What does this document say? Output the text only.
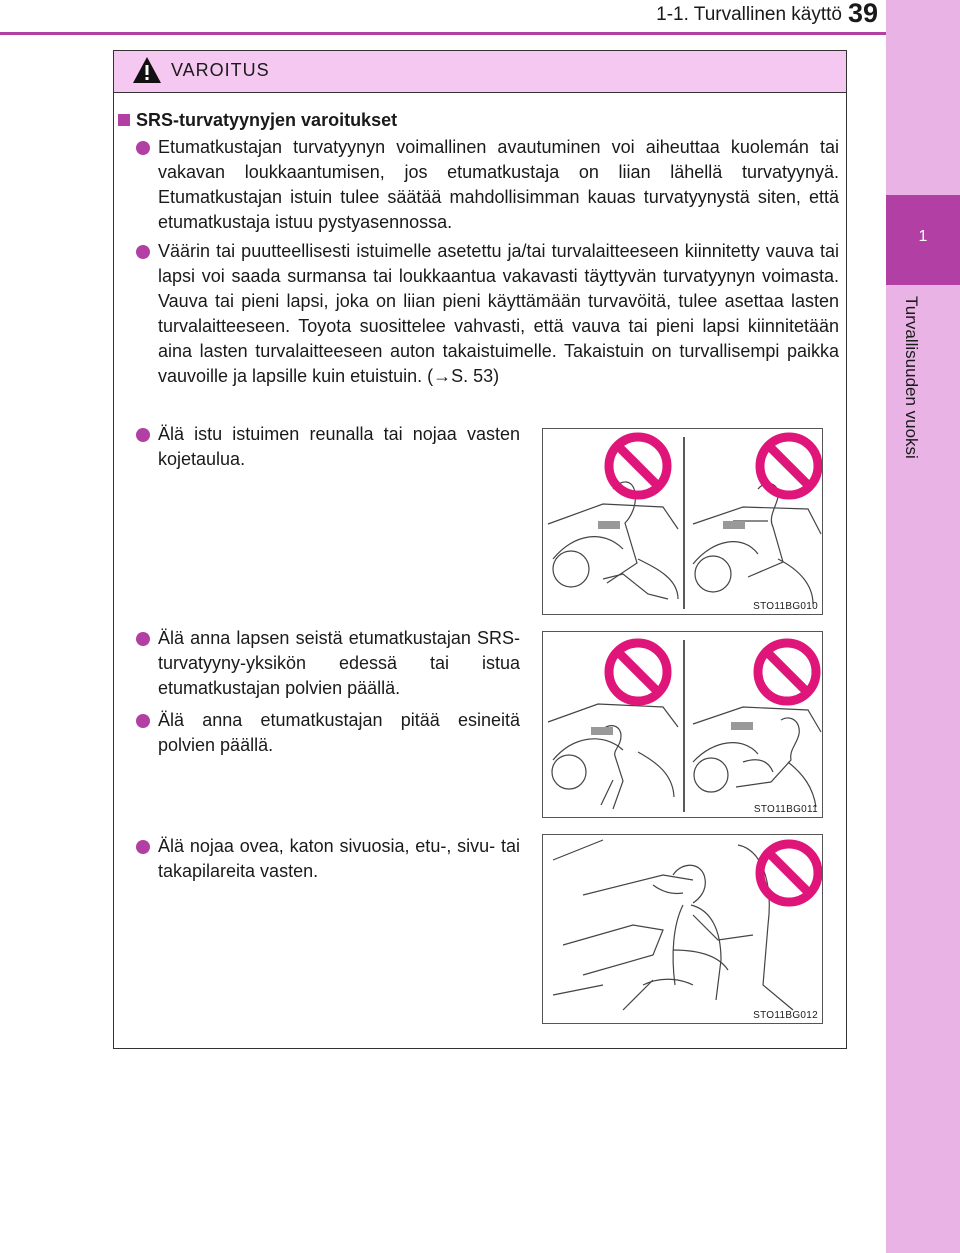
1-1. Turvallinen käyttö 39
1
Turvallisuuden vuoksi
VAROITUS
SRS-turvatyynyjen varoitukset
Etumatkustajan turvatyynyn voimallinen avautuminen voi aiheuttaa kuolemán tai vakavan loukkaantumisen, jos etumatkustaja on liian lähellä turvatyynyä. Etumatkustajan istuin tulee säätää mahdollisimman kauas turvatyynystä siten, että etumatkustaja istuu pystyasennossa.
Väärin tai puutteellisesti istuimelle asetettu ja/tai turvalaitteeseen kiinnitetty vauva tai lapsi voi saada surmansa tai loukkaantua vakavasti täyttyvän turvatyynyn voimasta. Vauva tai pieni lapsi, joka on liian pieni käyttämään turvavöitä, tulee asettaa lasten turvalaitteeseen. Toyota suosittelee vahvasti, että vauva tai pieni lapsi kiinnitetään aina lasten turvalaitteeseen auton takaistuimelle. Takaistuin on turvallisempi paikka vauvoille ja lapsille kuin etuistuin. (→S. 53)
Älä istu istuimen reunalla tai nojaa vasten kojetaulua.
Älä anna lapsen seistä etumatkustajan SRS-turvatyyny-yksikön edessä tai istua etumatkustajan polvien päällä.
Älä anna etumatkustajan pitää esineitä polvien päällä.
Älä nojaa ovea, katon sivuosia, etu-, sivu- tai takapilareita vasten.
STO11BG010
STO11BG011
STO11BG012
